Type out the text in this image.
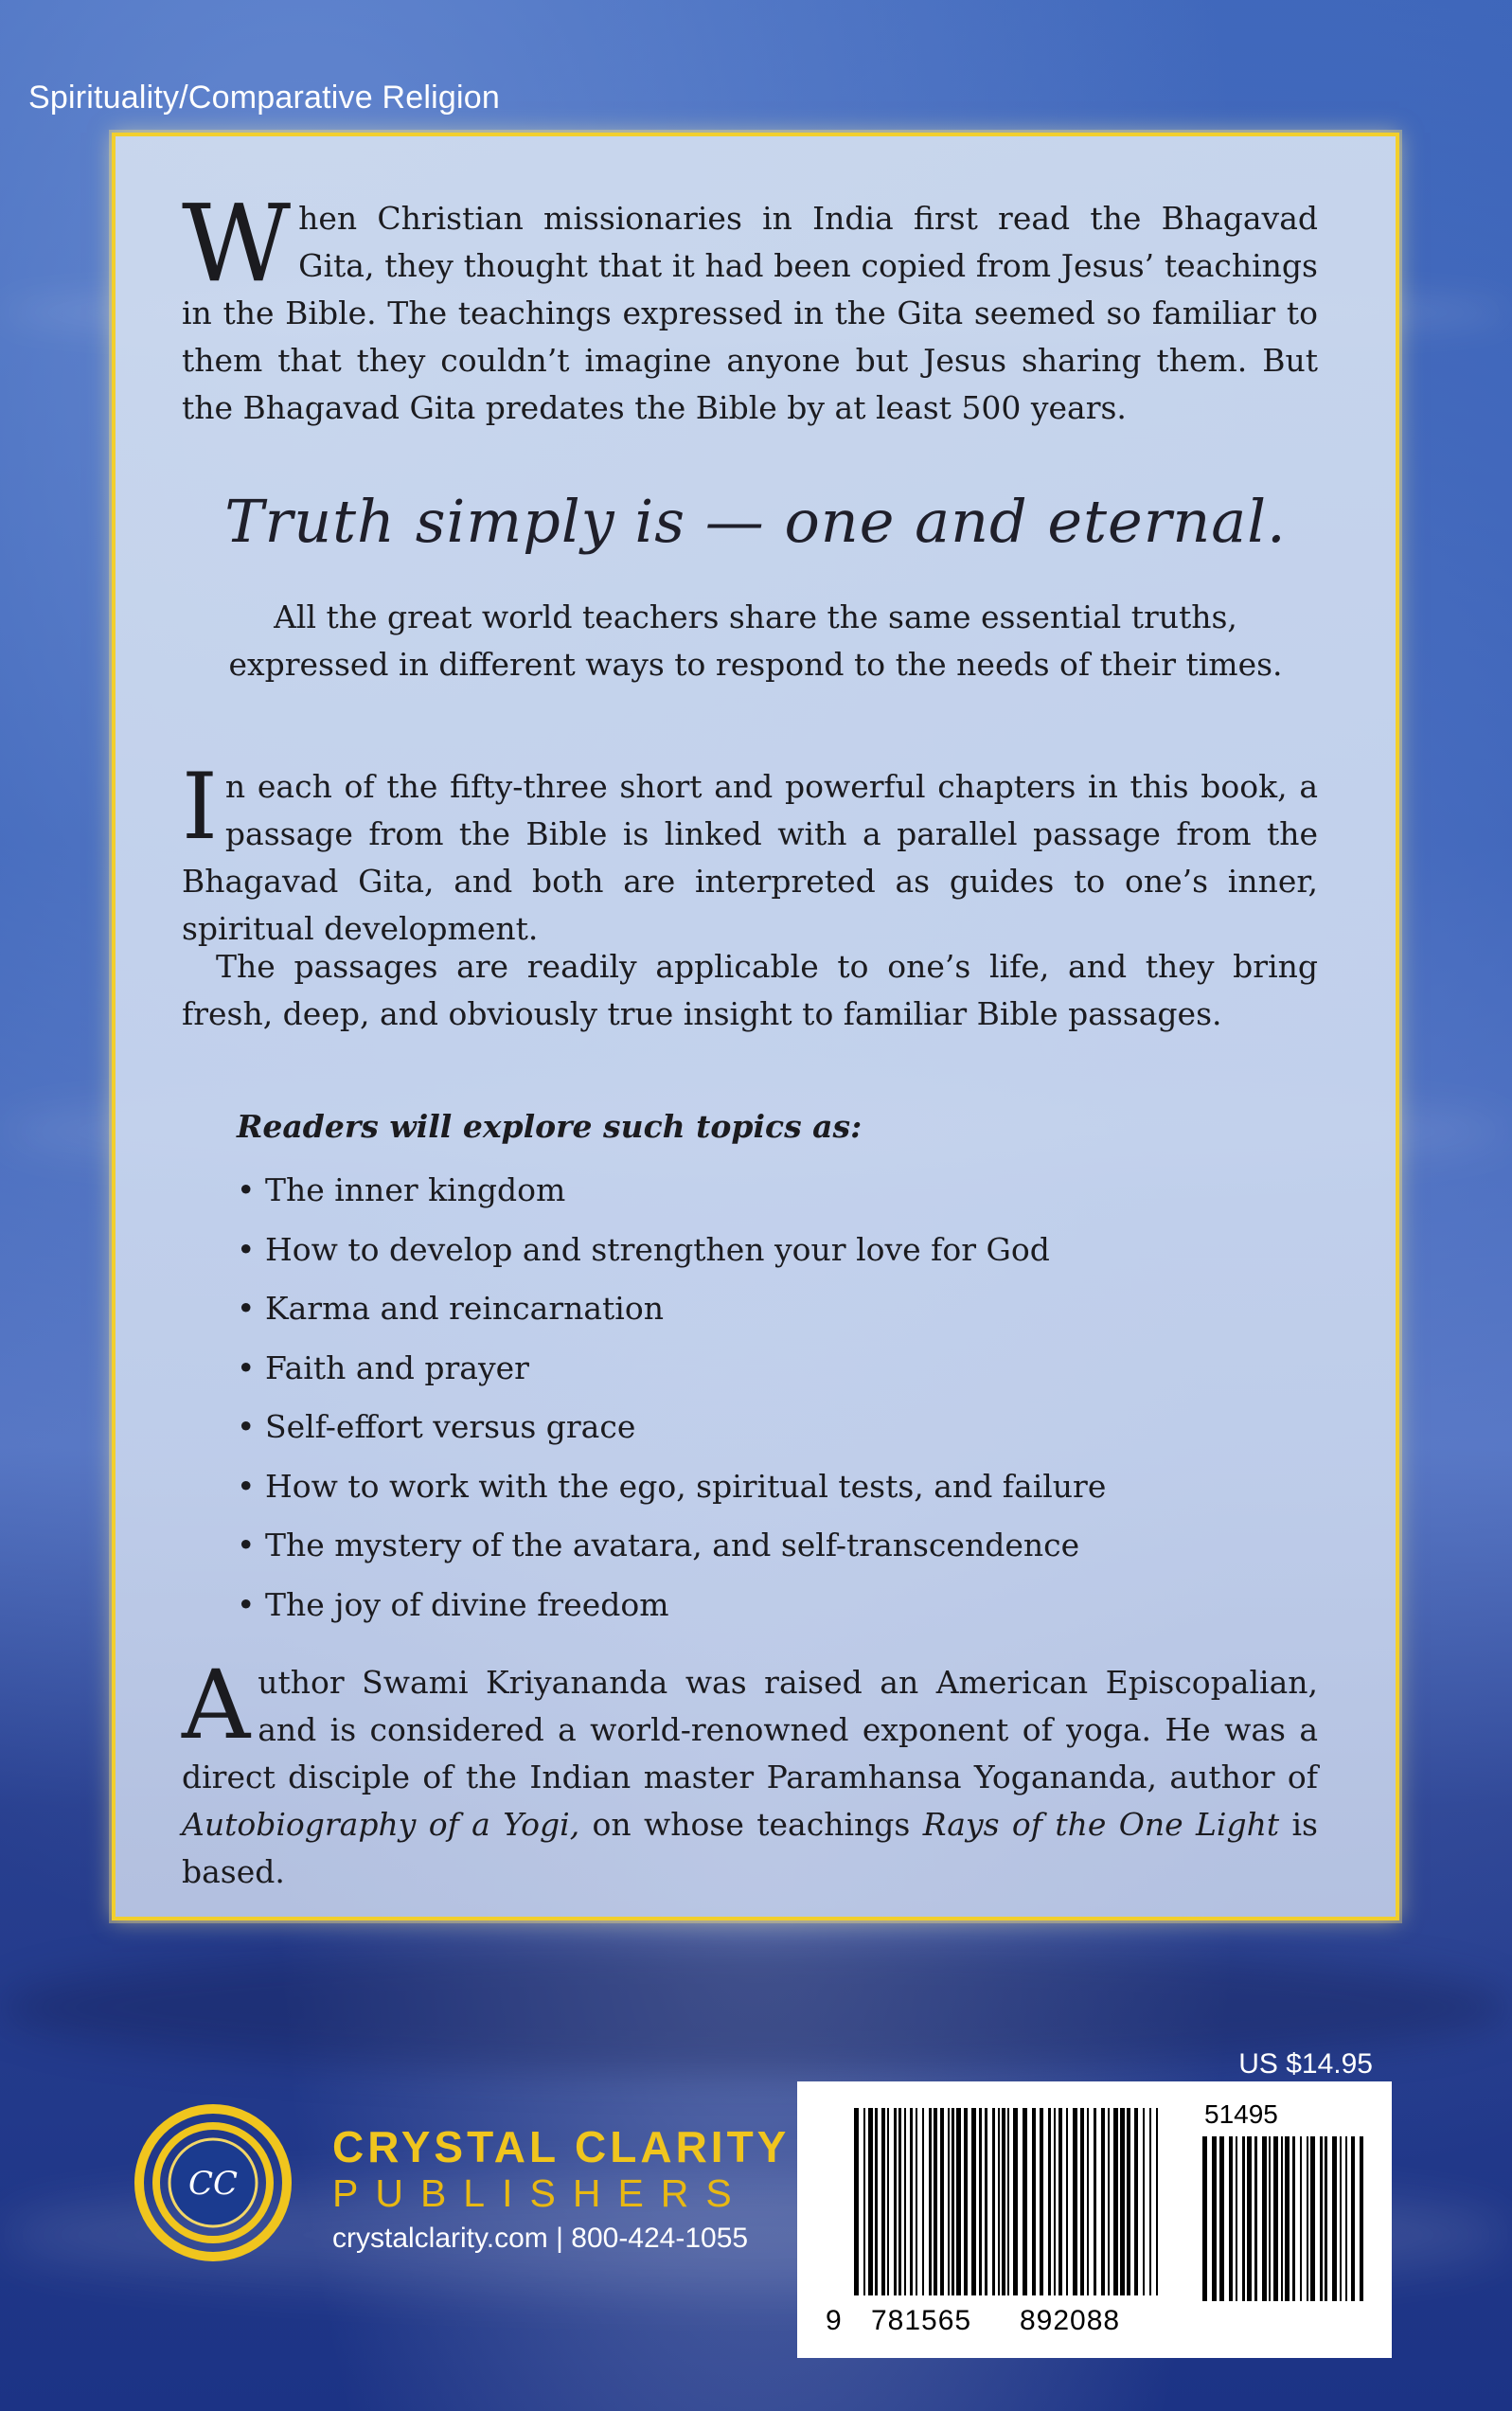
Spirituality/Comparative Religion
When Christian missionaries in India first read the Bhagavad Gita, they thought that it had been copied from Jesus’ teachings in the Bible. The teachings expressed in the Gita seemed so familiar to them that they couldn’t imagine anyone but Jesus sharing them. But the Bhagavad Gita predates the Bible by at least 500 years.
Truth simply is — one and eternal.
All the great world teachers share the same essential truths,
expressed in different ways to respond to the needs of their times.
In each of the fifty-three short and powerful chapters in this book, a passage from the Bible is linked with a parallel passage from the Bhagavad Gita, and both are interpreted as guides to one’s inner, spiritual development.
The passages are readily applicable to one’s life, and they bring fresh, deep, and obviously true insight to familiar Bible passages.
Readers will explore such topics as:
• The inner kingdom
• How to develop and strengthen your love for God
• Karma and reincarnation
• Faith and prayer
• Self-effort versus grace
• How to work with the ego, spiritual tests, and failure
• The mystery of the avatara, and self-transcendence
• The joy of divine freedom
Author Swami Kriyananda was raised an American Episcopalian, and is considered a world-renowned exponent of yoga. He was a direct disciple of the Indian master Paramhansa Yogananda, author of Autobiography of a Yogi, on whose teachings Rays of the One Light is based.
US $14.95
CC
CRYSTAL CLARITY
PUBLISHERS
crystalclarity.com | 800-424-1055
51495
9 781565 892088
